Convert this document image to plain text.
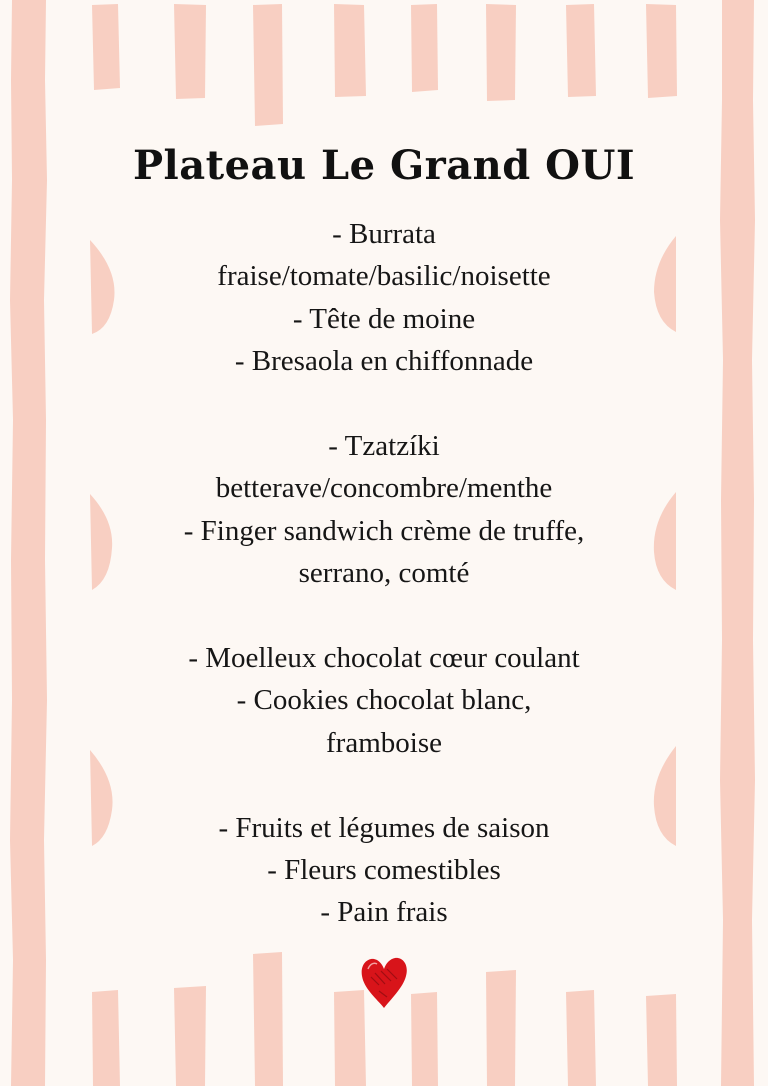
Plateau Le Grand OUI
- Burrata
fraise/tomate/basilic/noisette
- Tête de moine
- Bresaola en chiffonnade
- Tzatzíki
betterave/concombre/menthe
- Finger sandwich crème de truffe,
serrano, comté
- Moelleux chocolat cœur coulant
- Cookies chocolat blanc,
framboise
- Fruits et légumes de saison
- Fleurs comestibles
- Pain frais
